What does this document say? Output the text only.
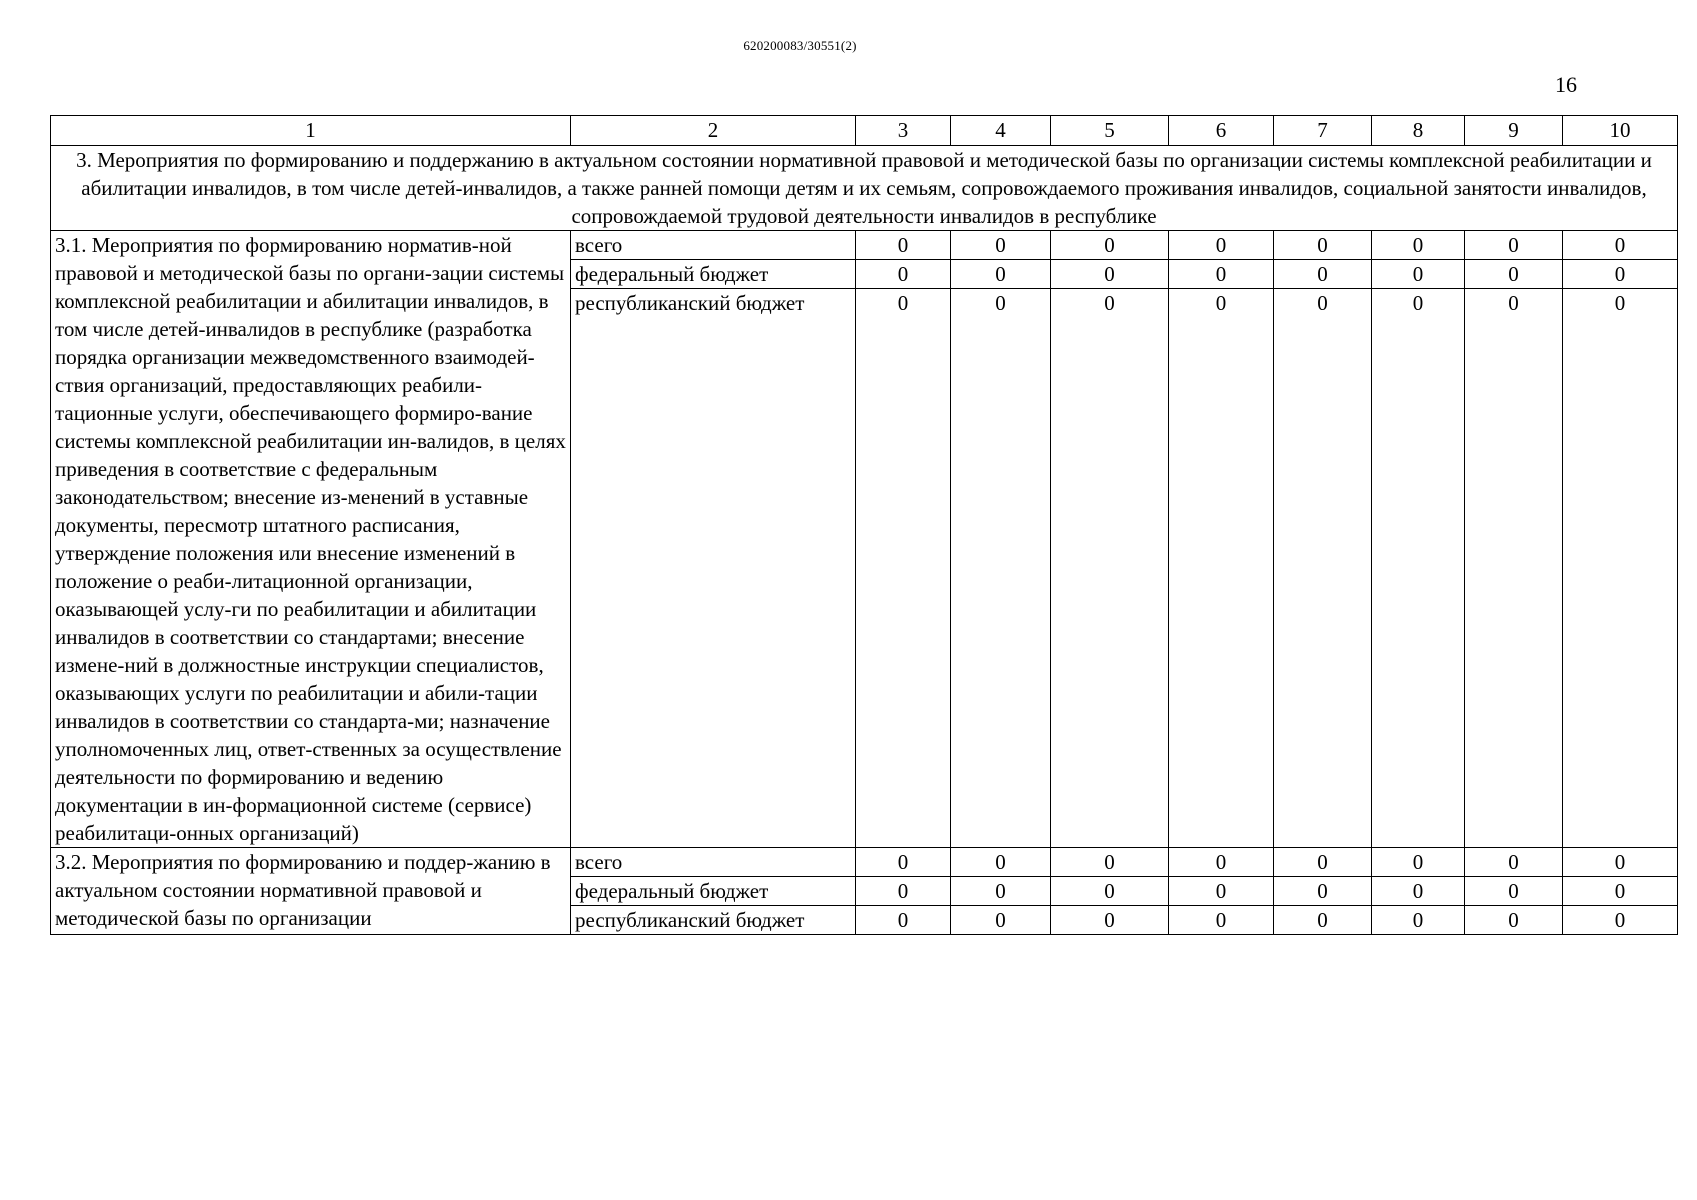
620200083/30551(2)
16
1	2	3	4	5	6	7	8	9	10
3. Мероприятия по формированию и поддержанию в актуальном состоянии нормативной правовой и методической базы по организации системы комплексной реабилитации и абилитации инвалидов, в том числе детей-инвалидов, а также ранней помощи детям и их семьям, сопровождаемого проживания инвалидов, социальной занятости инвалидов, сопровождаемой трудовой деятельности инвалидов в республике									
3.1. Мероприятия по формированию норматив-ной правовой и методической базы по органи-зации системы комплексной реабилитации и абилитации инвалидов, в том числе детей-инвалидов в республике (разработка порядка организации межведомственного взаимодей-ствия организаций, предоставляющих реабили-тационные услуги, обеспечивающего формиро-вание системы комплексной реабилитации ин-валидов, в целях приведения в соответствие с федеральным законодательством; внесение из-менений в уставные документы, пересмотр штатного расписания, утверждение положения или внесение изменений в положение о реаби-литационной организации, оказывающей услу-ги по реабилитации и абилитации инвалидов в соответствии со стандартами; внесение измене-ний в должностные инструкции специалистов, оказывающих услуги по реабилитации и абили-тации инвалидов в соответствии со стандарта-ми; назначение уполномоченных лиц, ответ-ственных за осуществление деятельности по формированию и ведению документации в ин-формационной системе (сервисе) реабилитаци-онных организаций)	всего	0	0	0	0	0	0	0	0
	федеральный бюджет	0	0	0	0	0	0	0	0
	республиканский бюджет	0	0	0	0	0	0	0	0
3.2. Мероприятия по формированию и поддер-жанию в актуальном состоянии нормативной правовой и методической базы по организации	всего	0	0	0	0	0	0	0	0
	федеральный бюджет	0	0	0	0	0	0	0	0
	республиканский бюджет	0	0	0	0	0	0	0	0
